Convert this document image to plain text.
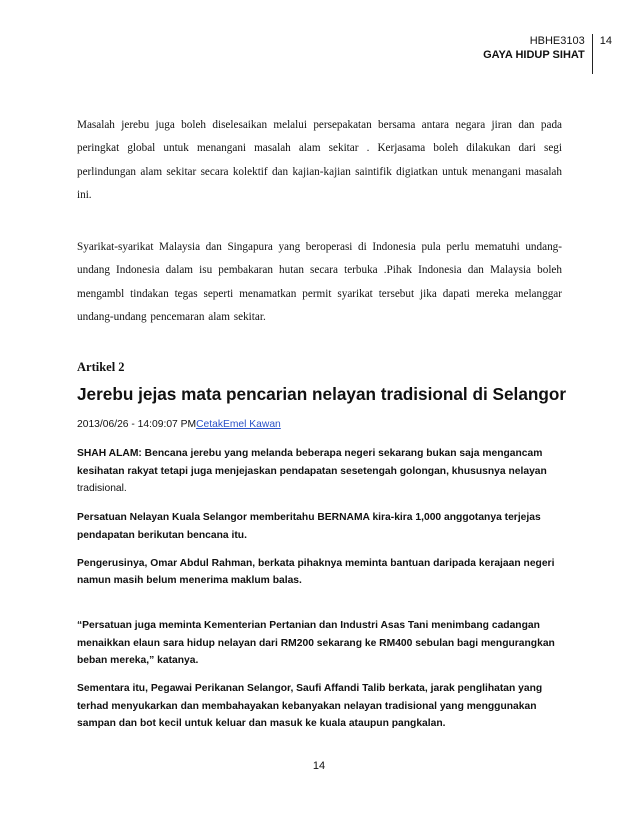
HBHE3103
GAYA HIDUP SIHAT
14

Masalah jerebu juga boleh diselesaikan melalui persepakatan bersama antara negara jiran dan pada peringkat global untuk menangani masalah alam sekitar . Kerjasama boleh dilakukan dari segi perlindungan alam sekitar secara kolektif dan kajian-kajian saintifik digiatkan untuk menangani masalah ini.

Syarikat-syarikat Malaysia dan Singapura yang beroperasi di Indonesia pula perlu mematuhi undang-undang Indonesia dalam isu pembakaran hutan secara terbuka .Pihak Indonesia dan Malaysia boleh mengambl tindakan tegas seperti menamatkan permit syarikat tersebut jika dapati mereka melanggar undang-undang pencemaran alam sekitar.

Artikel 2

Jerebu jejas mata pencarian nelayan tradisional di Selangor
2013/06/26 - 14:09:07 PMCetakEmel Kawan

SHAH ALAM: Bencana jerebu yang melanda beberapa negeri sekarang bukan saja mengancam kesihatan rakyat tetapi juga menjejaskan pendapatan sesetengah golongan, khususnya nelayan tradisional.

Persatuan Nelayan Kuala Selangor memberitahu BERNAMA kira-kira 1,000 anggotanya terjejas pendapatan berikutan bencana itu.

Pengerusinya, Omar Abdul Rahman, berkata pihaknya meminta bantuan daripada kerajaan negeri namun masih belum menerima maklum balas.

“Persatuan juga meminta Kementerian Pertanian dan Industri Asas Tani menimbang cadangan menaikkan elaun sara hidup nelayan dari RM200 sekarang ke RM400 sebulan bagi mengurangkan beban mereka,” katanya.

Sementara itu, Pegawai Perikanan Selangor, Saufi Affandi Talib berkata, jarak penglihatan yang terhad menyukarkan dan membahayakan kebanyakan nelayan tradisional yang menggunakan sampan dan bot kecil untuk keluar dan masuk ke kuala ataupun pangkalan.

14
